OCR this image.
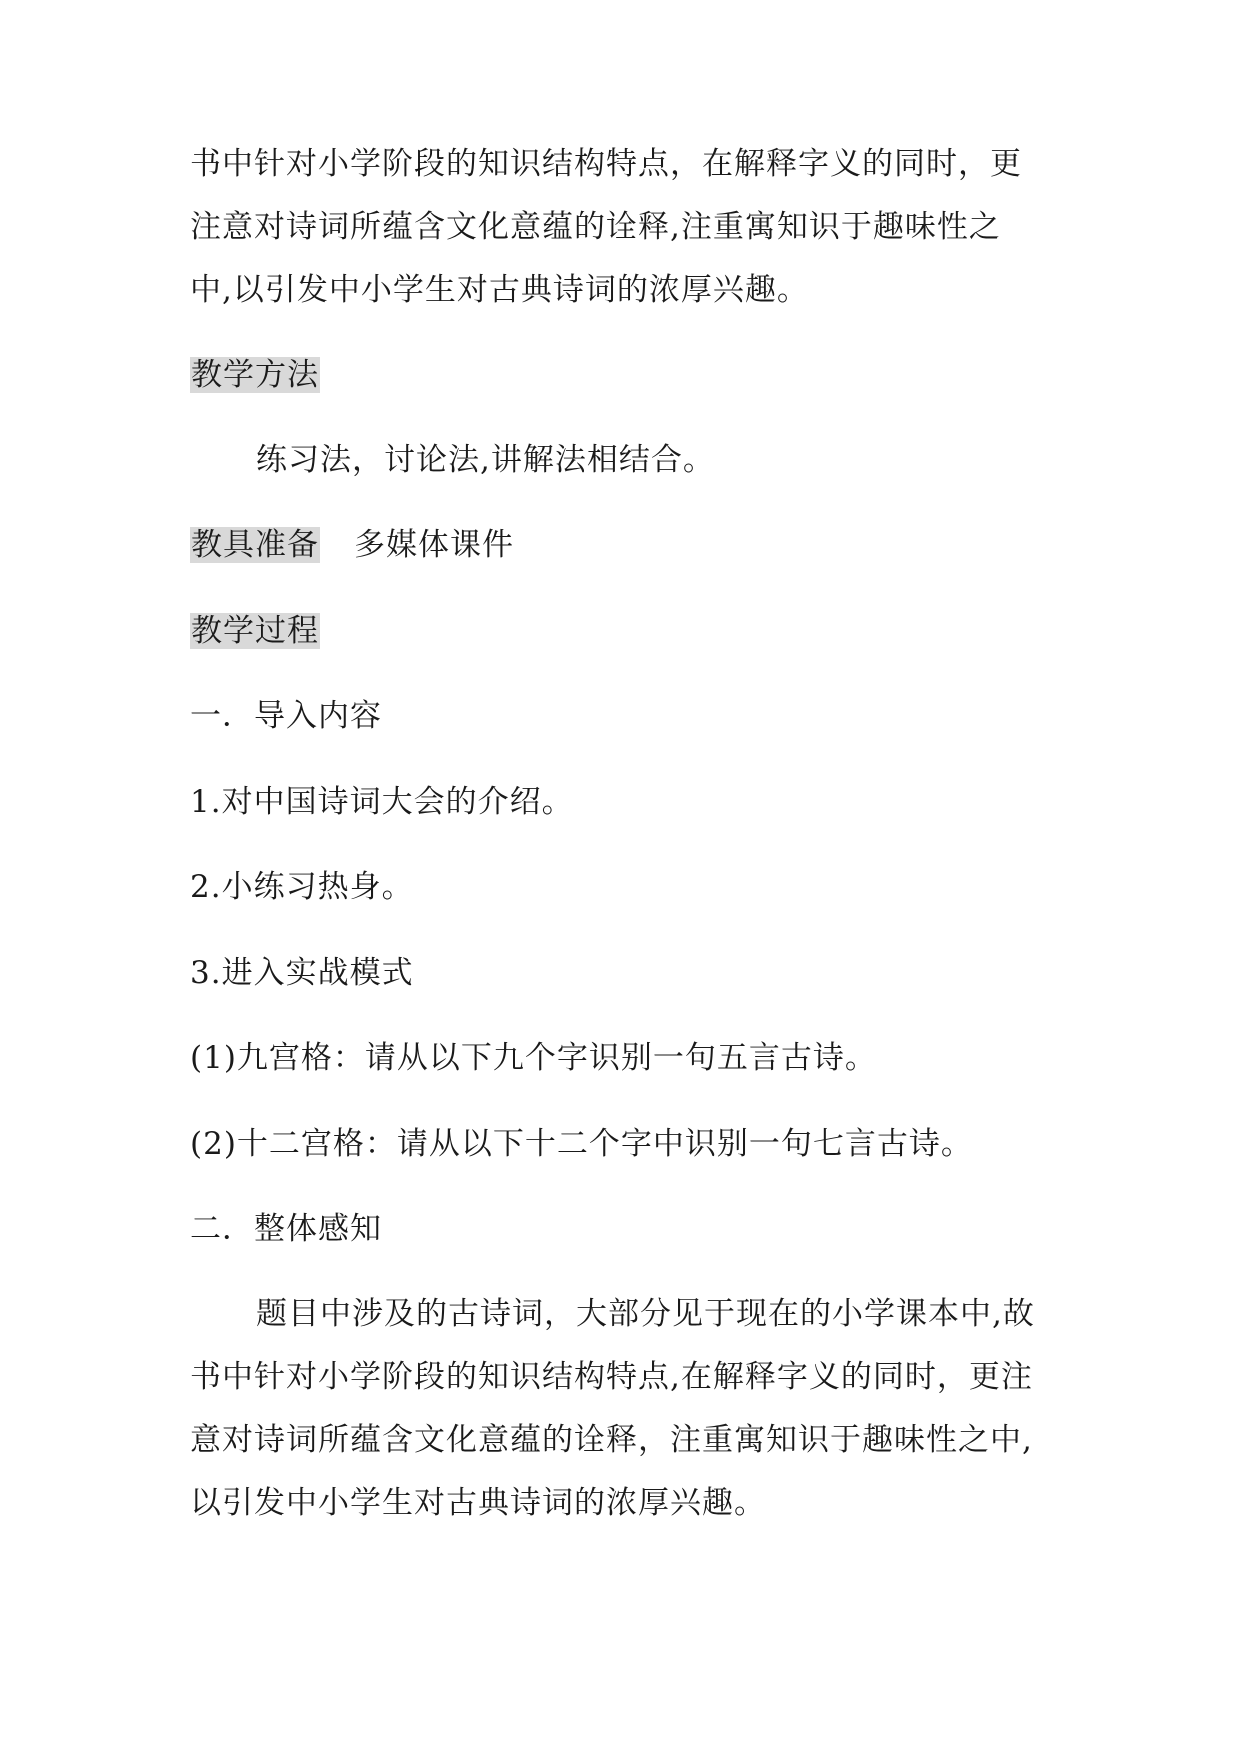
书中针对小学阶段的知识结构特点，在解释字义的同时，更
注意对诗词所蕴含文化意蕴的诠释,注重寓知识于趣味性之
中,以引发中小学生对古典诗词的浓厚兴趣。
教学方法
练习法，讨论法,讲解法相结合。
教具准备 多媒体课件
教学过程
一．导入内容
1.对中国诗词大会的介绍。
2.小练习热身。
3.进入实战模式
(1)九宫格：请从以下九个字识别一句五言古诗。
(2)十二宫格：请从以下十二个字中识别一句七言古诗。
二．整体感知
题目中涉及的古诗词，大部分见于现在的小学课本中,故
书中针对小学阶段的知识结构特点,在解释字义的同时，更注
意对诗词所蕴含文化意蕴的诠释，注重寓知识于趣味性之中,
以引发中小学生对古典诗词的浓厚兴趣。
